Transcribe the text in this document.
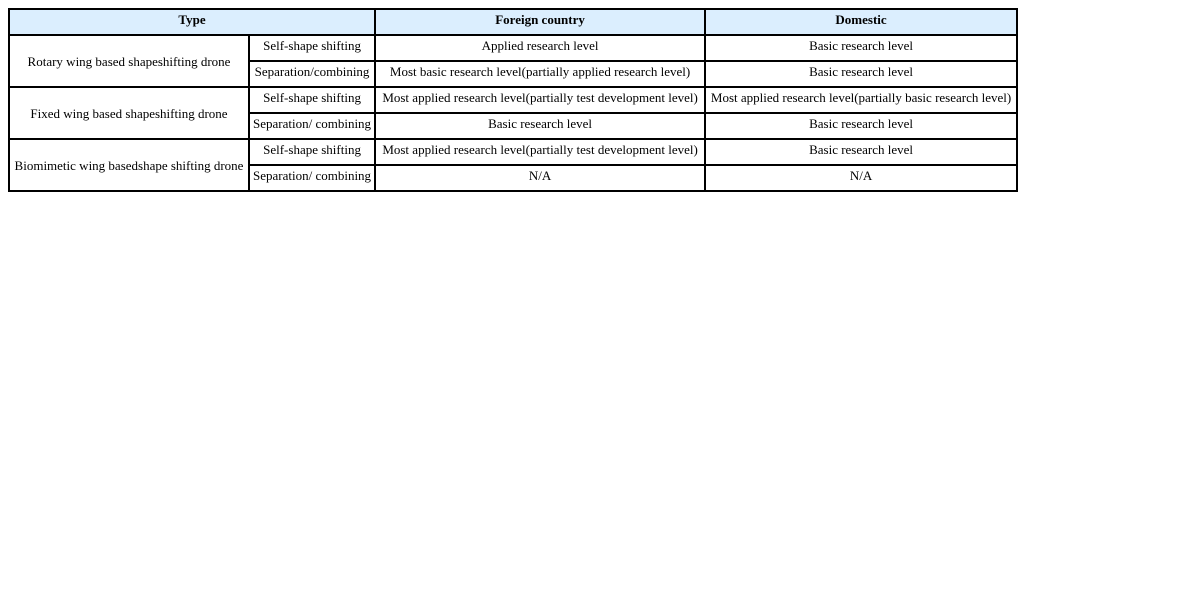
Type		Foreign country	Domestic
Rotary wing based shapeshifting drone	Self-shape shifting	Applied research level	Basic research level
	Separation/combining	Most basic research level(partially applied research level)	Basic research level
Fixed wing based shapeshifting drone	Self-shape shifting	Most applied research level(partially test development level)	Most applied research level(partially basic research level)
	Separation/ combining	Basic research level	Basic research level
Biomimetic wing basedshape shifting drone	Self-shape shifting	Most applied research level(partially test development level)	Basic research level
	Separation/ combining	N/A	N/A
